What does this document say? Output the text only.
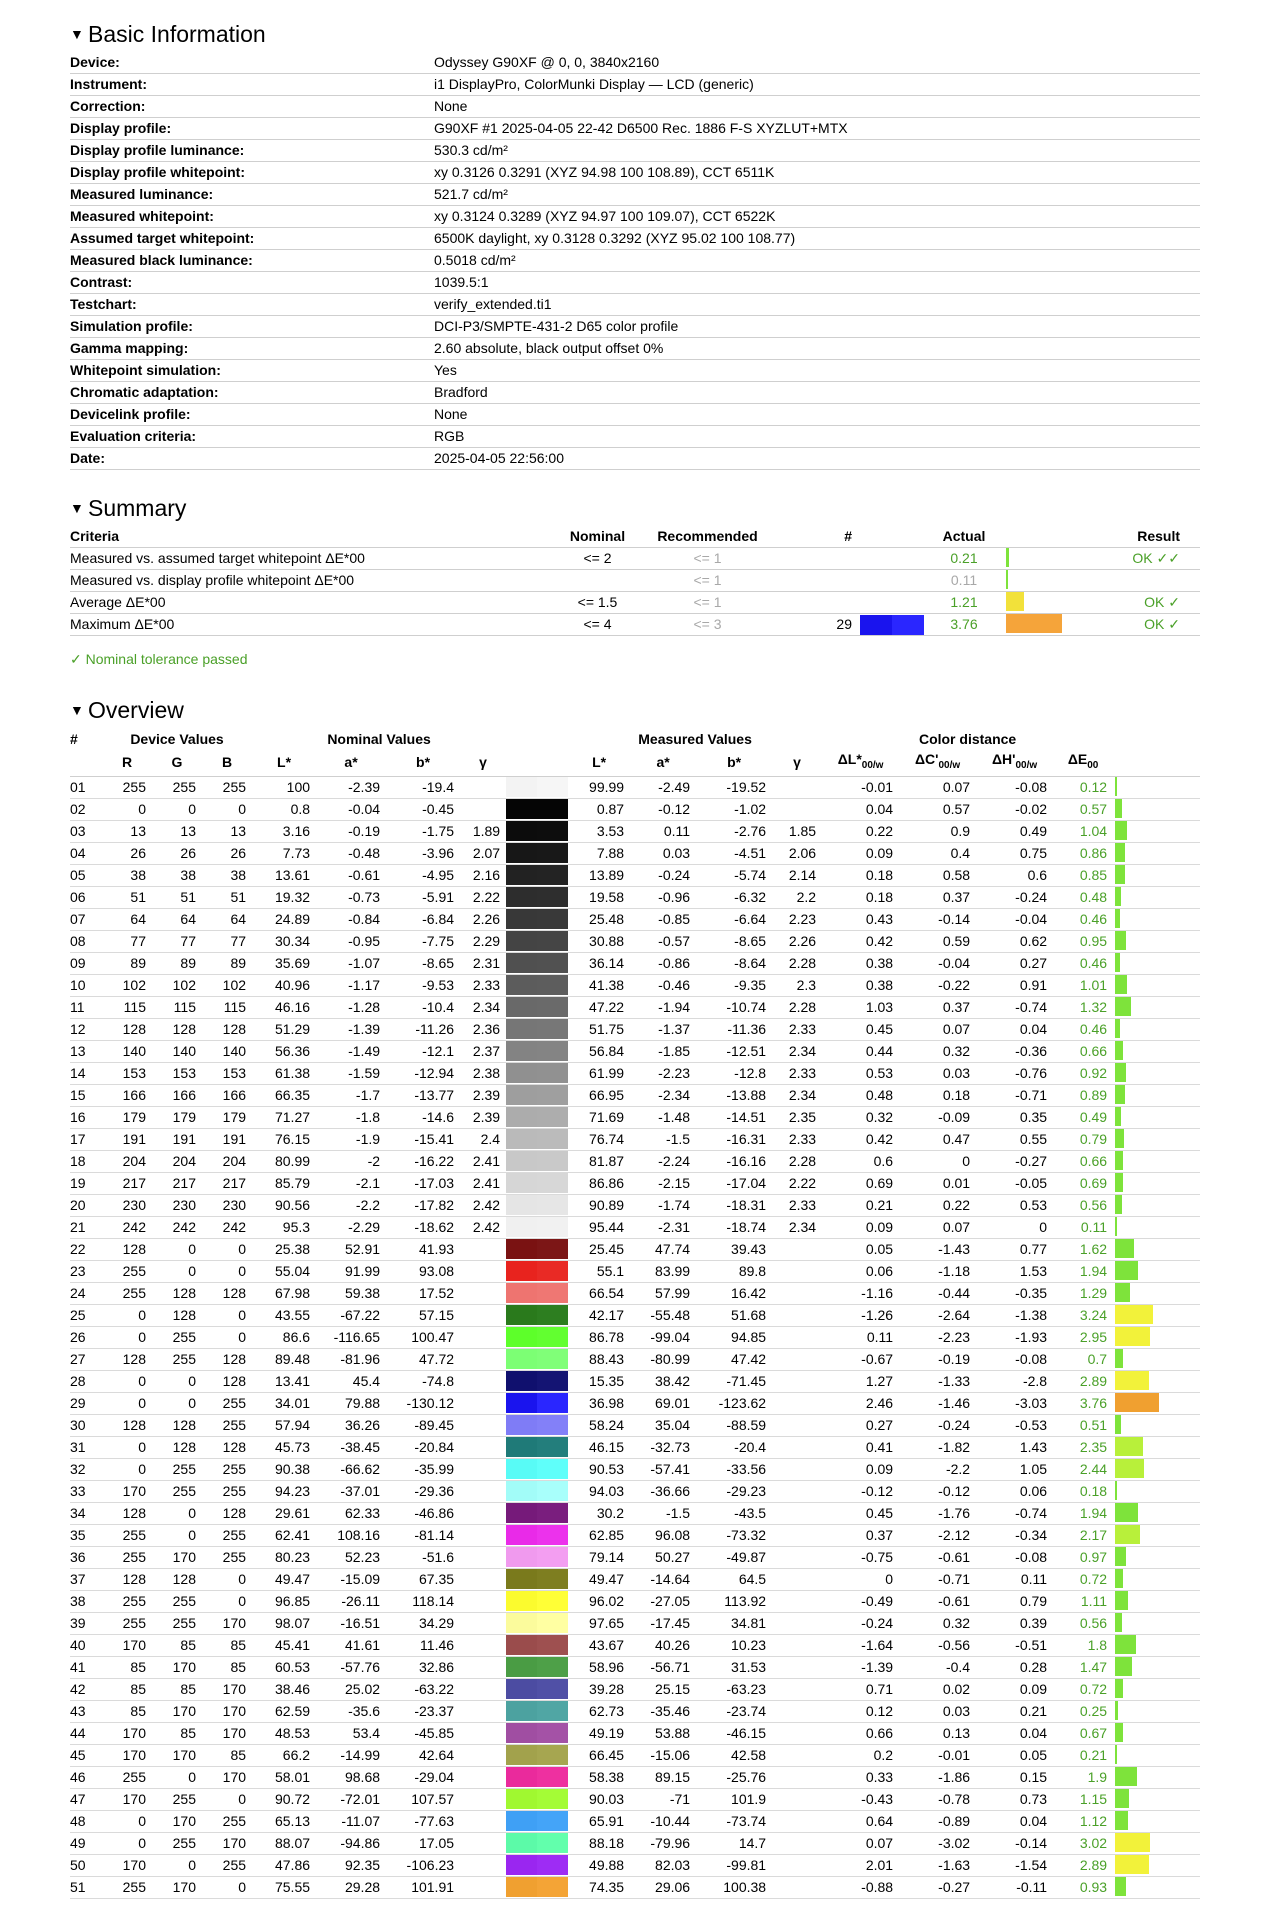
▼ Basic Information
Device:	Odyssey G90XF @ 0, 0, 3840x2160
Instrument:	i1 DisplayPro, ColorMunki Display — LCD (generic)
Correction:	None
Display profile:	G90XF #1 2025-04-05 22-42 D6500 Rec. 1886 F-S XYZLUT+MTX
Display profile luminance:	530.3 cd/m²
Display profile whitepoint:	xy 0.3126 0.3291 (XYZ 94.98 100 108.89), CCT 6511K
Measured luminance:	521.7 cd/m²
Measured whitepoint:	xy 0.3124 0.3289 (XYZ 94.97 100 109.07), CCT 6522K
Assumed target whitepoint:	6500K daylight, xy 0.3128 0.3292 (XYZ 95.02 100 108.77)
Measured black luminance:	0.5018 cd/m²
Contrast:	1039.5:1
Testchart:	verify_extended.ti1
Simulation profile:	DCI-P3/SMPTE-431-2 D65 color profile
Gamma mapping:	2.60 absolute, black output offset 0%
Whitepoint simulation:	Yes
Chromatic adaptation:	Bradford
Devicelink profile:	None
Evaluation criteria:	RGB
Date:	2025-04-05 22:56:00
▼ Summary
Criteria	Nominal	Recommended	#		Actual		Result
Measured vs. assumed target whitepoint ΔE*00	<= 2	<= 1			0.21		OK ✓✓
Measured vs. display profile whitepoint ΔE*00		<= 1			0.11		
Average ΔE*00	<= 1.5	<= 1			1.21		OK ✓
Maximum ΔE*00	<= 4	<= 3	29		3.76		OK ✓
✓ Nominal tolerance passed
▼ Overview
#	Device Values			Nominal Values					Measured Values				Color distance				
	R	G	B	L*	a*	b*	γ		L*	a*	b*	γ	$\Delta L*_{00/w}$	$\Delta C'_{00/w}$	$\Delta H'_{00/w}$	$\Delta E_{00}$	
01	255	255	255	100	-2.39	-19.4			99.99	-2.49	-19.52		-0.01	0.07	-0.08	0.12	
02	0	0	0	0.8	-0.04	-0.45			0.87	-0.12	-1.02		0.04	0.57	-0.02	0.57	
03	13	13	13	3.16	-0.19	-1.75	1.89		3.53	0.11	-2.76	1.85	0.22	0.9	0.49	1.04	
04	26	26	26	7.73	-0.48	-3.96	2.07		7.88	0.03	-4.51	2.06	0.09	0.4	0.75	0.86	
05	38	38	38	13.61	-0.61	-4.95	2.16		13.89	-0.24	-5.74	2.14	0.18	0.58	0.6	0.85	
06	51	51	51	19.32	-0.73	-5.91	2.22		19.58	-0.96	-6.32	2.2	0.18	0.37	-0.24	0.48	
07	64	64	64	24.89	-0.84	-6.84	2.26		25.48	-0.85	-6.64	2.23	0.43	-0.14	-0.04	0.46	
08	77	77	77	30.34	-0.95	-7.75	2.29		30.88	-0.57	-8.65	2.26	0.42	0.59	0.62	0.95	
09	89	89	89	35.69	-1.07	-8.65	2.31		36.14	-0.86	-8.64	2.28	0.38	-0.04	0.27	0.46	
10	102	102	102	40.96	-1.17	-9.53	2.33		41.38	-0.46	-9.35	2.3	0.38	-0.22	0.91	1.01	
11	115	115	115	46.16	-1.28	-10.4	2.34		47.22	-1.94	-10.74	2.28	1.03	0.37	-0.74	1.32	
12	128	128	128	51.29	-1.39	-11.26	2.36		51.75	-1.37	-11.36	2.33	0.45	0.07	0.04	0.46	
13	140	140	140	56.36	-1.49	-12.1	2.37		56.84	-1.85	-12.51	2.34	0.44	0.32	-0.36	0.66	
14	153	153	153	61.38	-1.59	-12.94	2.38		61.99	-2.23	-12.8	2.33	0.53	0.03	-0.76	0.92	
15	166	166	166	66.35	-1.7	-13.77	2.39		66.95	-2.34	-13.88	2.34	0.48	0.18	-0.71	0.89	
16	179	179	179	71.27	-1.8	-14.6	2.39		71.69	-1.48	-14.51	2.35	0.32	-0.09	0.35	0.49	
17	191	191	191	76.15	-1.9	-15.41	2.4		76.74	-1.5	-16.31	2.33	0.42	0.47	0.55	0.79	
18	204	204	204	80.99	-2	-16.22	2.41		81.87	-2.24	-16.16	2.28	0.6	0	-0.27	0.66	
19	217	217	217	85.79	-2.1	-17.03	2.41		86.86	-2.15	-17.04	2.22	0.69	0.01	-0.05	0.69	
20	230	230	230	90.56	-2.2	-17.82	2.42		90.89	-1.74	-18.31	2.33	0.21	0.22	0.53	0.56	
21	242	242	242	95.3	-2.29	-18.62	2.42		95.44	-2.31	-18.74	2.34	0.09	0.07	0	0.11	
22	128	0	0	25.38	52.91	41.93			25.45	47.74	39.43		0.05	-1.43	0.77	1.62	
23	255	0	0	55.04	91.99	93.08			55.1	83.99	89.8		0.06	-1.18	1.53	1.94	
24	255	128	128	67.98	59.38	17.52			66.54	57.99	16.42		-1.16	-0.44	-0.35	1.29	
25	0	128	0	43.55	-67.22	57.15			42.17	-55.48	51.68		-1.26	-2.64	-1.38	3.24	
26	0	255	0	86.6	-116.65	100.47			86.78	-99.04	94.85		0.11	-2.23	-1.93	2.95	
27	128	255	128	89.48	-81.96	47.72			88.43	-80.99	47.42		-0.67	-0.19	-0.08	0.7	
28	0	0	128	13.41	45.4	-74.8			15.35	38.42	-71.45		1.27	-1.33	-2.8	2.89	
29	0	0	255	34.01	79.88	-130.12			36.98	69.01	-123.62		2.46	-1.46	-3.03	3.76	
30	128	128	255	57.94	36.26	-89.45			58.24	35.04	-88.59		0.27	-0.24	-0.53	0.51	
31	0	128	128	45.73	-38.45	-20.84			46.15	-32.73	-20.4		0.41	-1.82	1.43	2.35	
32	0	255	255	90.38	-66.62	-35.99			90.53	-57.41	-33.56		0.09	-2.2	1.05	2.44	
33	170	255	255	94.23	-37.01	-29.36			94.03	-36.66	-29.23		-0.12	-0.12	0.06	0.18	
34	128	0	128	29.61	62.33	-46.86			30.2	-1.5	-43.5		0.45	-1.76	-0.74	1.94	
35	255	0	255	62.41	108.16	-81.14			62.85	96.08	-73.32		0.37	-2.12	-0.34	2.17	
36	255	170	255	80.23	52.23	-51.6			79.14	50.27	-49.87		-0.75	-0.61	-0.08	0.97	
37	128	128	0	49.47	-15.09	67.35			49.47	-14.64	64.5		0	-0.71	0.11	0.72	
38	255	255	0	96.85	-26.11	118.14			96.02	-27.05	113.92		-0.49	-0.61	0.79	1.11	
39	255	255	170	98.07	-16.51	34.29			97.65	-17.45	34.81		-0.24	0.32	0.39	0.56	
40	170	85	85	45.41	41.61	11.46			43.67	40.26	10.23		-1.64	-0.56	-0.51	1.8	
41	85	170	85	60.53	-57.76	32.86			58.96	-56.71	31.53		-1.39	-0.4	0.28	1.47	
42	85	85	170	38.46	25.02	-63.22			39.28	25.15	-63.23		0.71	0.02	0.09	0.72	
43	85	170	170	62.59	-35.6	-23.37			62.73	-35.46	-23.74		0.12	0.03	0.21	0.25	
44	170	85	170	48.53	53.4	-45.85			49.19	53.88	-46.15		0.66	0.13	0.04	0.67	
45	170	170	85	66.2	-14.99	42.64			66.45	-15.06	42.58		0.2	-0.01	0.05	0.21	
46	255	0	170	58.01	98.68	-29.04			58.38	89.15	-25.76		0.33	-1.86	0.15	1.9	
47	170	255	0	90.72	-72.01	107.57			90.03	-71	101.9		-0.43	-0.78	0.73	1.15	
48	0	170	255	65.13	-11.07	-77.63			65.91	-10.44	-73.74		0.64	-0.89	0.04	1.12	
49	0	255	170	88.07	-94.86	17.05			88.18	-79.96	14.7		0.07	-3.02	-0.14	3.02	
50	170	0	255	47.86	92.35	-106.23			49.88	82.03	-99.81		2.01	-1.63	-1.54	2.89	
51	255	170	0	75.55	29.28	101.91			74.35	29.06	100.38		-0.88	-0.27	-0.11	0.93	
